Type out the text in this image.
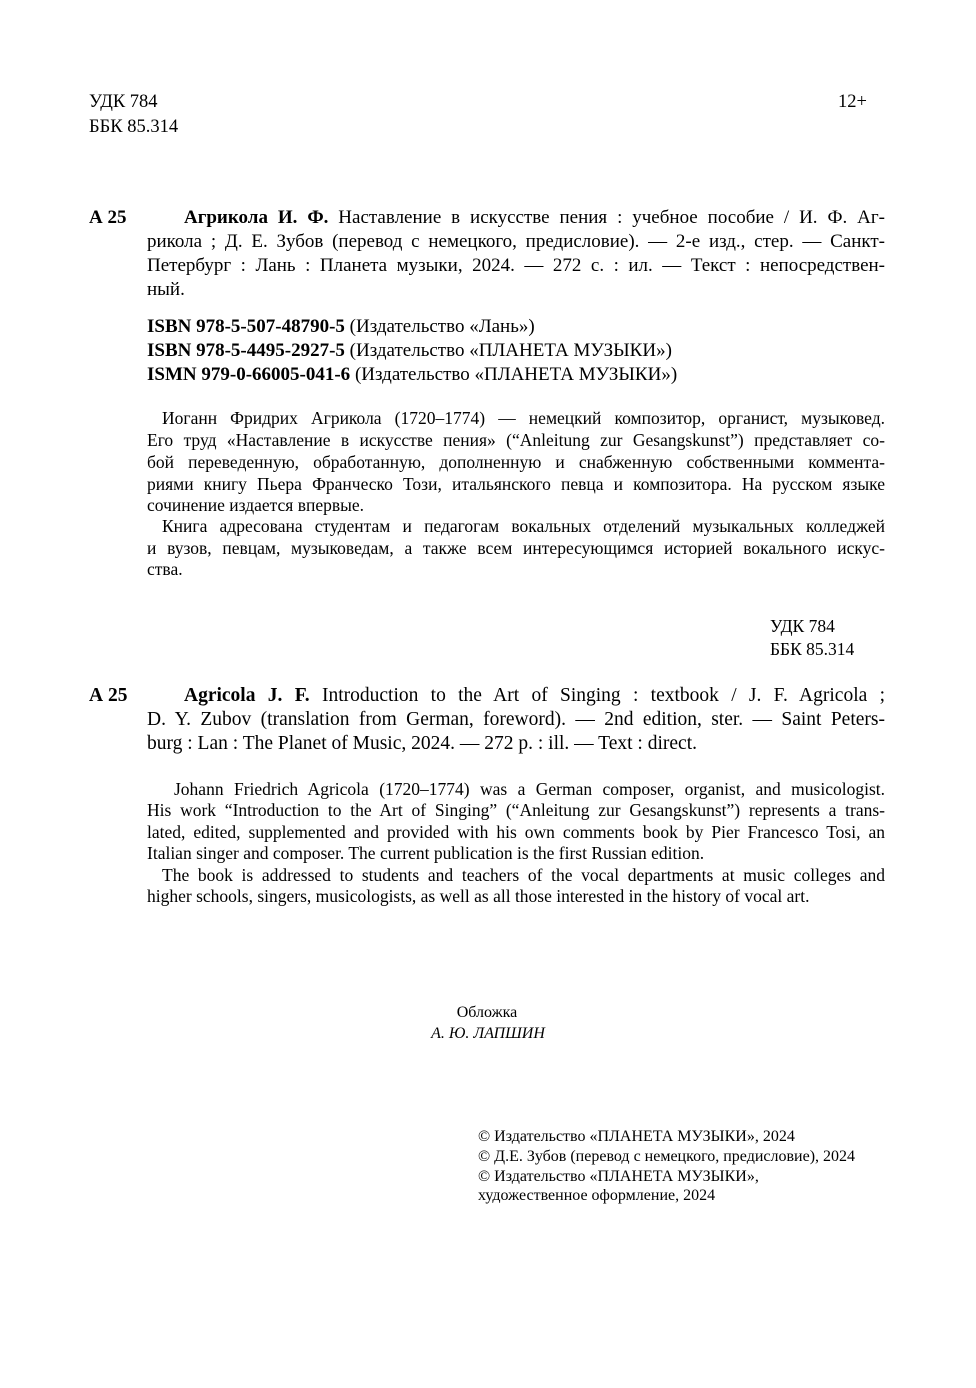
УДК 784
ББК 85.314
12+
А 25	Агрикола И. Ф. Наставление в искусстве пения : учебное пособие / И. Ф. Аг-
рикола ; Д. Е. Зубов (перевод с немецкого, предисловие). — 2-е изд., стер. — Санкт-
Петербург : Лань : Планета музыки, 2024. — 272 с. : ил. — Текст : непосредствен-
ный.
ISBN 978-5-507-48790-5 (Издательство «Лань»)
ISBN 978-5-4495-2927-5 (Издательство «ПЛАНЕТА МУЗЫКИ»)
ISMN 979-0-66005-041-6 (Издательство «ПЛАНЕТА МУЗЫКИ»)
Иоганн Фридрих Агрикола (1720–1774) — немецкий композитор, органист, музыковед.
Его труд «Наставление в искусстве пения» (“Anleitung zur Gesangskunst”) представляет со-
бой переведенную, обработанную, дополненную и снабженную собственными коммента-
риями книгу Пьера Франческо Този, итальянского певца и композитора. На русском языке
сочинение издается впервые.
Книга адресована студентам и педагогам вокальных отделений музыкальных колледжей
и вузов, певцам, музыковедам, а также всем интересующимся историей вокального искус-
ства.
УДК 784
ББК 85.314
А 25	Agricola J. F. Introduction to the Art of Singing : textbook / J. F. Agricola ;
D. Y. Zubov (translation from German, foreword). — 2nd edition, ster. — Saint Peters-
burg : Lan : The Planet of Music, 2024. — 272 p. : ill. — Text : direct.
Johann Friedrich Agricola (1720–1774) was a German composer, organist, and musicologist.
His work “Introduction to the Art of Singing” (“Anleitung zur Gesangskunst”) represents a trans-
lated, edited, supplemented and provided with his own comments book by Pier Francesco Tosi, an
Italian singer and composer. The current publication is the first Russian edition.
The book is addressed to students and teachers of the vocal departments at music colleges and
higher schools, singers, musicologists, as well as all those interested in the history of vocal art.
Обложка
А. Ю. ЛАПШИН
© Издательство «ПЛАНЕТА МУЗЫКИ», 2024
© Д.Е. Зубов (перевод с немецкого, предисловие), 2024
© Издательство «ПЛАНЕТА МУЗЫКИ»,
художественное оформление, 2024
